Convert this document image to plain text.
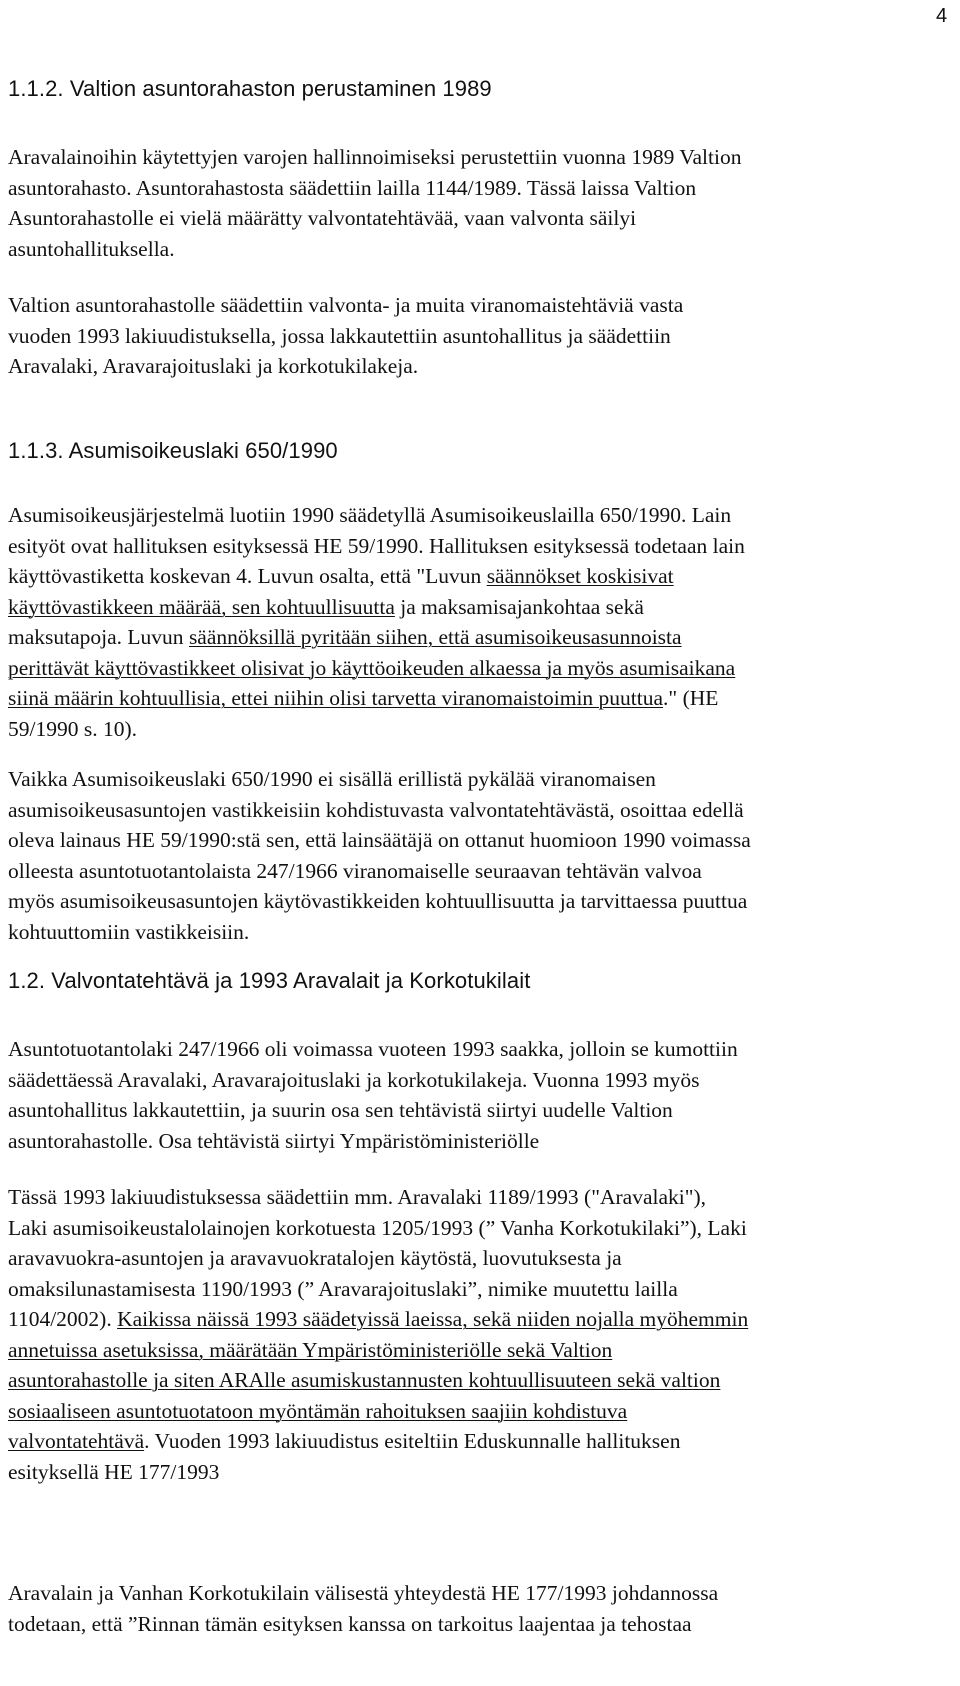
4
1.1.2. Valtion asuntorahaston perustaminen 1989

Aravalainoihin käytettyjen varojen hallinnoimiseksi perustettiin vuonna 1989 Valtion
asuntorahasto. Asuntorahastosta säädettiin lailla 1144/1989. Tässä laissa Valtion
Asuntorahastolle ei vielä määrätty valvontatehtävää, vaan valvonta säilyi
asuntohallituksella.

Valtion asuntorahastolle säädettiin valvonta- ja muita viranomaistehtäviä vasta
vuoden 1993 lakiuudistuksella, jossa lakkautettiin asuntohallitus ja säädettiin
Aravalaki, Aravarajoituslaki ja korkotukilakeja.

1.1.3. Asumisoikeuslaki 650/1990

Asumisoikeusjärjestelmä luotiin 1990 säädetyllä Asumisoikeuslailla 650/1990. Lain
esityöt ovat hallituksen esityksessä HE 59/1990. Hallituksen esityksessä todetaan lain
käyttövastiketta koskevan 4. Luvun osalta, että "Luvun säännökset koskisivat
käyttövastikkeen määrää, sen kohtuullisuutta ja maksamisajankohtaa sekä
maksutapoja. Luvun säännöksillä pyritään siihen, että asumisoikeusasunnoista
perittävät käyttövastikkeet olisivat jo käyttöoikeuden alkaessa ja myös asumisaikana
siinä määrin kohtuullisia, ettei niihin olisi tarvetta viranomaistoimin puuttua." (HE
59/1990 s. 10).

Vaikka Asumisoikeuslaki 650/1990 ei sisällä erillistä pykälää viranomaisen
asumisoikeusasuntojen vastikkeisiin kohdistuvasta valvontatehtävästä, osoittaa edellä
oleva lainaus HE 59/1990:stä sen, että lainsäätäjä on ottanut huomioon 1990 voimassa
olleesta asuntotuotantolaista 247/1966 viranomaiselle seuraavan tehtävän valvoa
myös asumisoikeusasuntojen käytövastikkeiden kohtuullisuutta ja tarvittaessa puuttua
kohtuuttomiin vastikkeisiin.

1.2. Valvontatehtävä ja 1993 Aravalait ja Korkotukilait

Asuntotuotantolaki 247/1966 oli voimassa vuoteen 1993 saakka, jolloin se kumottiin
säädettäessä Aravalaki, Aravarajoituslaki ja korkotukilakeja. Vuonna 1993 myös
asuntohallitus lakkautettiin, ja suurin osa sen tehtävistä siirtyi uudelle Valtion
asuntorahastolle. Osa tehtävistä siirtyi Ympäristöministeriölle

Tässä 1993 lakiuudistuksessa säädettiin mm. Aravalaki 1189/1993 ("Aravalaki"),
Laki asumisoikeustalolainojen korkotuesta 1205/1993 (” Vanha Korkotukilaki”), Laki
aravavuokra-asuntojen ja aravavuokratalojen käytöstä, luovutuksesta ja
omaksilunastamisesta 1190/1993 (” Aravarajoituslaki”, nimike muutettu lailla
1104/2002). Kaikissa näissä 1993 säädetyissä laeissa, sekä niiden nojalla myöhemmin
annetuissa asetuksissa, määrätään Ympäristöministeriölle sekä Valtion
asuntorahastolle ja siten ARAlle asumiskustannusten kohtuullisuuteen sekä valtion
sosiaaliseen asuntotuotatoon myöntämän rahoituksen saajiin kohdistuva
valvontatehtävä. Vuoden 1993 lakiuudistus esiteltiin Eduskunnalle hallituksen
esityksellä HE 177/1993

Aravalain ja Vanhan Korkotukilain välisestä yhteydestä HE 177/1993 johdannossa
todetaan, että ”Rinnan tämän esityksen kanssa on tarkoitus laajentaa ja tehostaa
